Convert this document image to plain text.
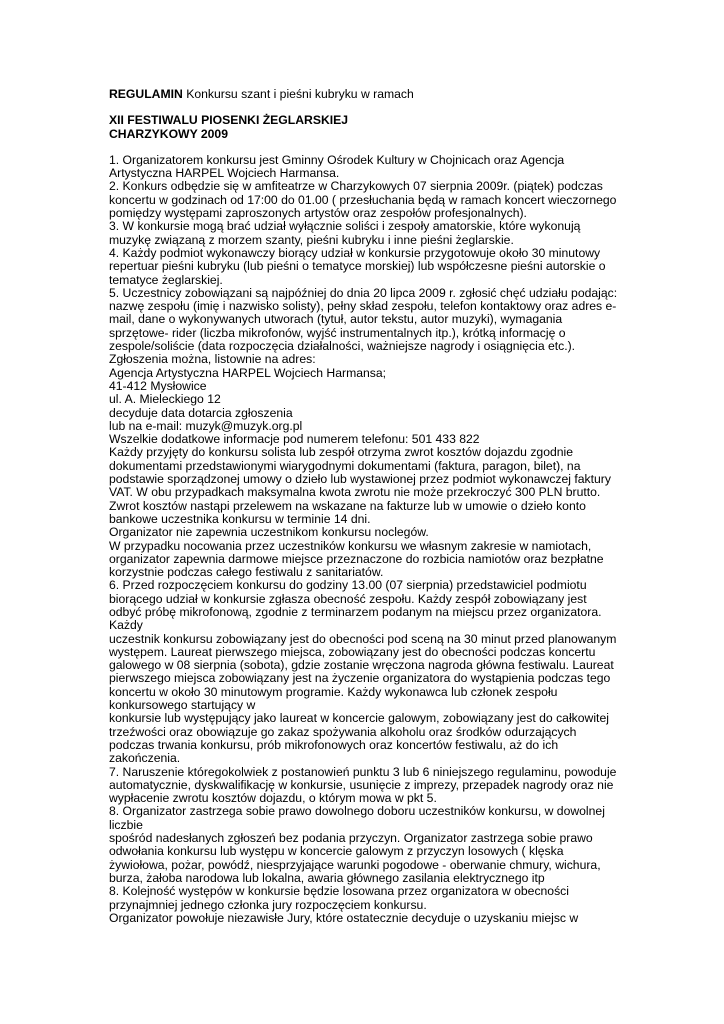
REGULAMIN Konkursu szant i pieśni kubryku w ramach
XII FESTIWALU PIOSENKI ŻEGLARSKIEJ
CHARZYKOWY 2009
1. Organizatorem konkursu jest Gminny Ośrodek Kultury w Chojnicach oraz Agencja
Artystyczna HARPEL Wojciech Harmansa.
2. Konkurs odbędzie się w amfiteatrze w Charzykowych 07 sierpnia 2009r. (piątek) podczas
koncertu w godzinach od 17:00 do 01.00 ( przesłuchania będą w ramach koncert wieczornego
pomiędzy występami zaproszonych artystów oraz zespołów profesjonalnych).
3. W konkursie mogą brać udział wyłącznie soliści i zespoły amatorskie, które wykonują
muzykę związaną z morzem szanty, pieśni kubryku i inne pieśni żeglarskie.
4. Każdy podmiot wykonawczy biorący udział w konkursie przygotowuje około 30 minutowy
repertuar pieśni kubryku (lub pieśni o tematyce morskiej) lub współczesne pieśni autorskie o
tematyce żeglarskiej.
5. Uczestnicy zobowiązani są najpóźniej do dnia 20 lipca 2009 r. zgłosić chęć udziału podając:
nazwę zespołu (imię i nazwisko solisty), pełny skład zespołu, telefon kontaktowy oraz adres e-
mail, dane o wykonywanych utworach (tytuł, autor tekstu, autor muzyki), wymagania
sprzętowe- rider (liczba mikrofonów, wyjść instrumentalnych itp.), krótką informację o
zespole/soliście (data rozpoczęcia działalności, ważniejsze nagrody i osiągnięcia etc.).
Zgłoszenia można, listownie na adres:
Agencja Artystyczna HARPEL Wojciech Harmansa;
41-412 Mysłowice
ul. A. Mieleckiego 12
decyduje data dotarcia zgłoszenia
lub na e-mail: muzyk@muzyk.org.pl
Wszelkie dodatkowe informacje pod numerem telefonu: 501 433 822
Każdy przyjęty do konkursu solista lub zespół otrzyma zwrot kosztów dojazdu zgodnie
dokumentami przedstawionymi wiarygodnymi dokumentami (faktura, paragon, bilet), na
podstawie sporządzonej umowy o dzieło lub wystawionej przez podmiot wykonawczej faktury
VAT. W obu przypadkach maksymalna kwota zwrotu nie może przekroczyć 300 PLN brutto.
Zwrot kosztów nastąpi przelewem na wskazane na fakturze lub w umowie o dzieło konto
bankowe uczestnika konkursu w terminie 14 dni.
Organizator nie zapewnia uczestnikom konkursu noclegów.
W przypadku nocowania przez uczestników konkursu we własnym zakresie w namiotach,
organizator zapewnia darmowe miejsce przeznaczone do rozbicia namiotów oraz bezpłatne
korzystnie podczas całego festiwalu z sanitariatów.
6. Przed rozpoczęciem konkursu do godziny 13.00 (07 sierpnia) przedstawiciel podmiotu
biorącego udział w konkursie zgłasza obecność zespołu. Każdy zespół zobowiązany jest
odbyć próbę mikrofonową, zgodnie z terminarzem podanym na miejscu przez organizatora.
Każdy
uczestnik konkursu zobowiązany jest do obecności pod sceną na 30 minut przed planowanym
występem. Laureat pierwszego miejsca, zobowiązany jest do obecności podczas koncertu
galowego w 08 sierpnia (sobota), gdzie zostanie wręczona nagroda główna festiwalu. Laureat
pierwszego miejsca zobowiązany jest na życzenie organizatora do wystąpienia podczas tego
koncertu w około 30 minutowym programie. Każdy wykonawca lub członek zespołu
konkursowego startujący w
konkursie lub występujący jako laureat w koncercie galowym, zobowiązany jest do całkowitej
trzeźwości oraz obowiązuje go zakaz spożywania alkoholu oraz środków odurzających
podczas trwania konkursu, prób mikrofonowych oraz koncertów festiwalu, aż do ich
zakończenia.
7. Naruszenie któregokolwiek z postanowień punktu 3 lub 6 niniejszego regulaminu, powoduje
automatycznie, dyskwalifikację w konkursie, usunięcie z imprezy, przepadek nagrody oraz nie
wypłacenie zwrotu kosztów dojazdu, o którym mowa w pkt 5.
8. Organizator zastrzega sobie prawo dowolnego doboru uczestników konkursu, w dowolnej
liczbie
spośród nadesłanych zgłoszeń bez podania przyczyn. Organizator zastrzega sobie prawo
odwołania konkursu lub występu w koncercie galowym z przyczyn losowych ( klęska
żywiołowa, pożar, powódź, niesprzyjające warunki pogodowe - oberwanie chmury, wichura,
burza, żałoba narodowa lub lokalna, awaria głównego zasilania elektrycznego itp
8. Kolejność występów w konkursie będzie losowana przez organizatora w obecności
przynajmniej jednego członka jury rozpoczęciem konkursu.
Organizator powołuje niezawisłe Jury, które ostatecznie decyduje o uzyskaniu miejsc w
